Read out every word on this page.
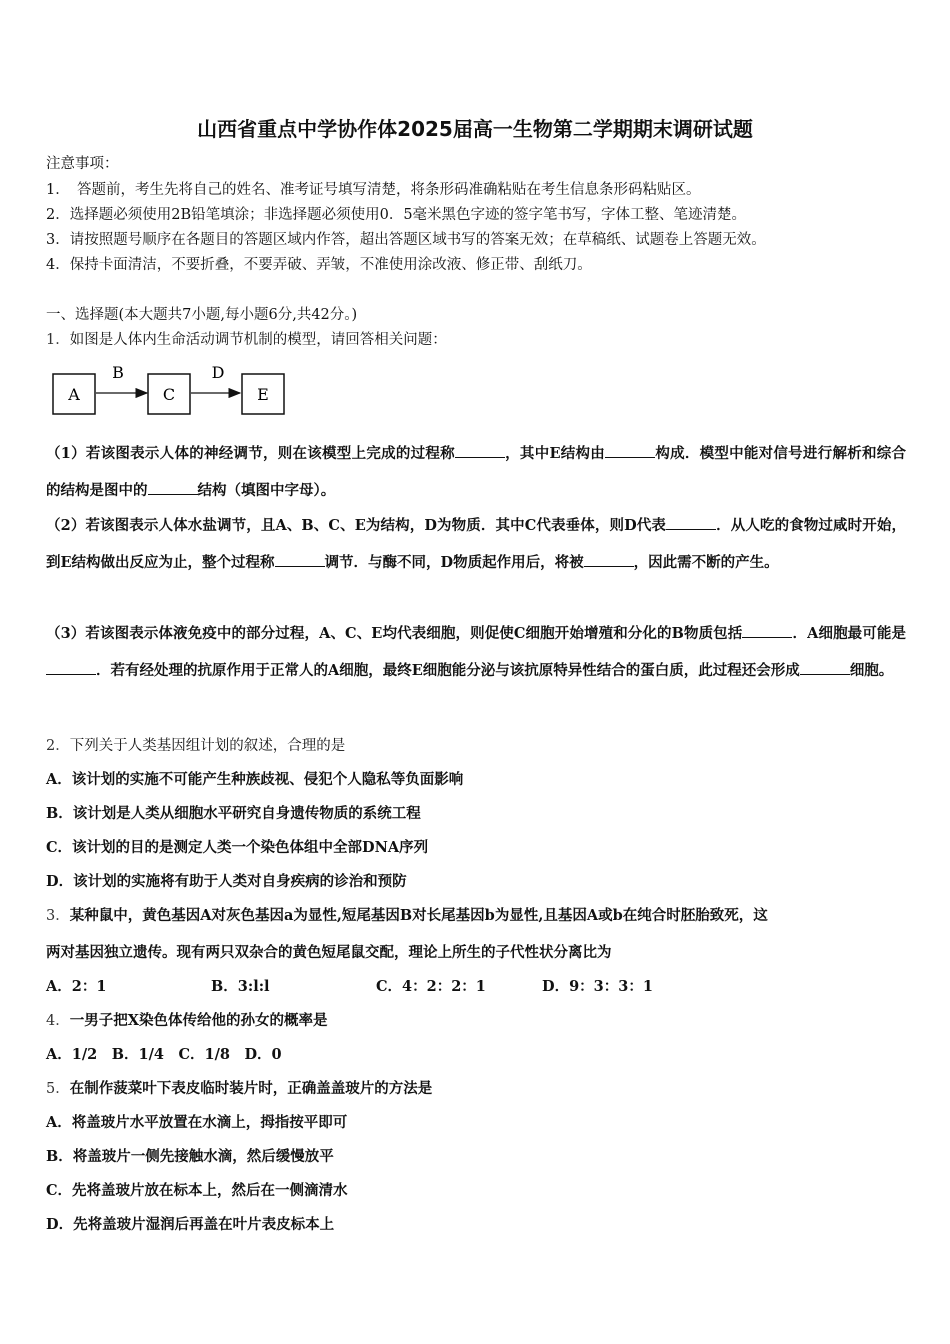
山西省重点中学协作体2025届高一生物第二学期期末调研试题
注意事项：
1．　答题前，考生先将自己的姓名、准考证号填写清楚，将条形码准确粘贴在考生信息条形码粘贴区。
2．选择题必须使用2B铅笔填涂；非选择题必须使用0．5毫米黑色字迹的签字笔书写，字体工整、笔迹清楚。
3．请按照题号顺序在各题目的答题区域内作答，超出答题区域书写的答案无效；在草稿纸、试题卷上答题无效。
4．保持卡面清洁，不要折叠，不要弄破、弄皱，不准使用涂改液、修正带、刮纸刀。
一、选择题(本大题共7小题,每小题6分,共42分。)
1．如图是人体内生命活动调节机制的模型，请回答相关问题：
A
B
C
D
E
（1）若该图表示人体的神经调节，则在该模型上完成的过程称	，其中E结构由	构成．模型中能对信号进行解析和综合的结构是图中的	结构（填图中字母）。
（2）若该图表示人体水盐调节，且A、B、C、E为结构，D为物质．其中C代表垂体，则D代表	．从人吃的食物过咸时开始，到E结构做出反应为止，整个过程称	调节．与酶不同，D物质起作用后，将被	，因此需不断的产生。
（3）若该图表示体液免疫中的部分过程，A、C、E均代表细胞，则促使C细胞开始增殖和分化的B物质包括	．A细胞最可能是．若有经处理的抗原作用于正常人的A细胞，最终E细胞能分泌与该抗原特异性结合的蛋白质，此过程还会形成	细胞。
2．下列关于人类基因组计划的叙述，合理的是
A．该计划的实施不可能产生种族歧视、侵犯个人隐私等负面影响
B．该计划是人类从细胞水平研究自身遗传物质的系统工程
C．该计划的目的是测定人类一个染色体组中全部DNA序列
D．该计划的实施将有助于人类对自身疾病的诊治和预防
3．某种鼠中，黄色基因A对灰色基因a为显性,短尾基因B对长尾基因b为显性,且基因A或b在纯合时胚胎致死，这
两对基因独立遗传。现有两只双杂合的黄色短尾鼠交配，理论上所生的子代性状分离比为
A．2：1	B．3:l:l	C．4：2：2：1	D．9：3：3：1
4．一男子把X染色体传给他的孙女的概率是
A．1/2　B．1/4　C．1/8　D．0
5．在制作菠菜叶下表皮临时装片时，正确盖盖玻片的方法是
A．将盖玻片水平放置在水滴上，拇指按平即可
B．将盖玻片一侧先接触水滴，然后缓慢放平
C．先将盖玻片放在标本上，然后在一侧滴清水
D．先将盖玻片湿润后再盖在叶片表皮标本上
